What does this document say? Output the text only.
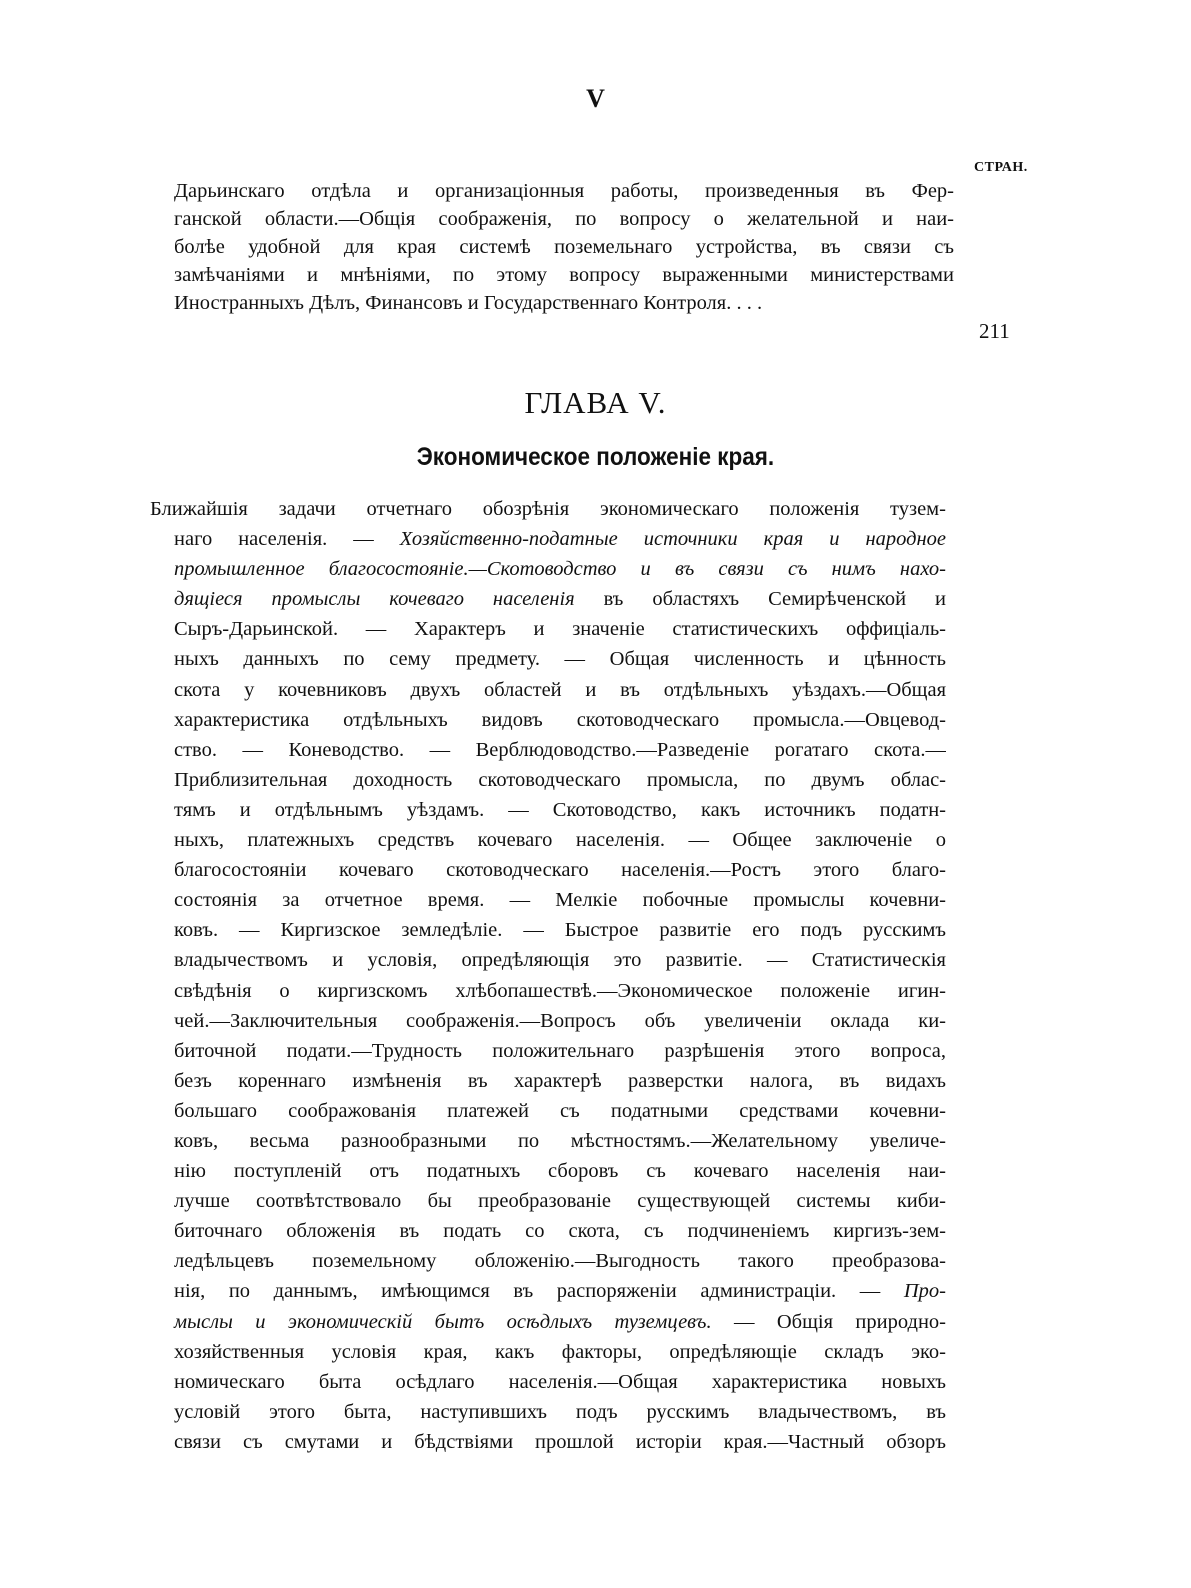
V
СТРАН.
Дарьинскаго отдѣла и организаціонныя работы, произведенныя въ Фер-
ганской области.—Общія соображенія, по вопросу о желательной и наи-
болѣе удобной для края системѣ поземельнаго устройства, въ связи съ
замѣчаніями и мнѣніями, по этому вопросу выраженными министерствами
Иностранныхъ Дѣлъ, Финансовъ и Государственнаго Контроля. . . .
211
ГЛАВА V.
Экономическое положеніе края.
Ближайшія задачи отчетнаго обозрѣнія экономическаго положенія тузем-
наго населенія. — Хозяйственно-податные источники края и народное
промышленное благосостояніе.—Скотоводство и въ связи съ нимъ нахо-
дящіеся промыслы кочеваго населенія въ областяхъ Семирѣченской и
Сыръ-Дарьинской. — Характеръ и значеніе статистическихъ оффиціаль-
ныхъ данныхъ по сему предмету. — Общая численность и цѣнность
скота у кочевниковъ двухъ областей и въ отдѣльныхъ уѣздахъ.—Общая
характеристика отдѣльныхъ видовъ скотоводческаго промысла.—Овцевод-
ство. — Коневодство. — Верблюдоводство.—Разведеніе рогатаго скота.—
Приблизительная доходность скотоводческаго промысла, по двумъ облас-
тямъ и отдѣльнымъ уѣздамъ. — Скотоводство, какъ источникъ податн-
ныхъ, платежныхъ средствъ кочеваго населенія. — Общее заключеніе о
благосостояніи кочеваго скотоводческаго населенія.—Ростъ этого благо-
состоянія за отчетное время. — Мелкіе побочные промыслы кочевни-
ковъ. — Киргизское земледѣліе. — Быстрое развитіе его подъ русскимъ
владычествомъ и условія, опредѣляющія это развитіе. — Статистическія
свѣдѣнія о киргизскомъ хлѣбопашествѣ.—Экономическое положеніе игин-
чей.—Заключительныя соображенія.—Вопросъ объ увеличеніи оклада ки-
биточной подати.—Трудность положительнаго разрѣшенія этого вопроса,
безъ кореннаго измѣненія въ характерѣ разверстки налога, въ видахъ
большаго соображованія платежей съ податными средствами кочевни-
ковъ, весьма разнообразными по мѣстностямъ.—Желательному увеличе-
нію поступленій отъ податныхъ сборовъ съ кочеваго населенія наи-
лучше соотвѣтствовало бы преобразованіе существующей системы киби-
биточнаго обложенія въ подать со скота, съ подчиненіемъ киргизъ-зем-
ледѣльцевъ поземельному обложенію.—Выгодность такого преобразова-
нія, по даннымъ, имѣющимся въ распоряженіи администраціи. — Про-
мыслы и экономическій бытъ осѣдлыхъ туземцевъ. — Общія природно-
хозяйственныя условія края, какъ факторы, опредѣляющіе складъ эко-
номическаго быта осѣдлаго населенія.—Общая характеристика новыхъ
условій этого быта, наступившихъ подъ русскимъ владычествомъ, въ
связи съ смутами и бѣдствіями прошлой исторіи края.—Частный обзоръ
